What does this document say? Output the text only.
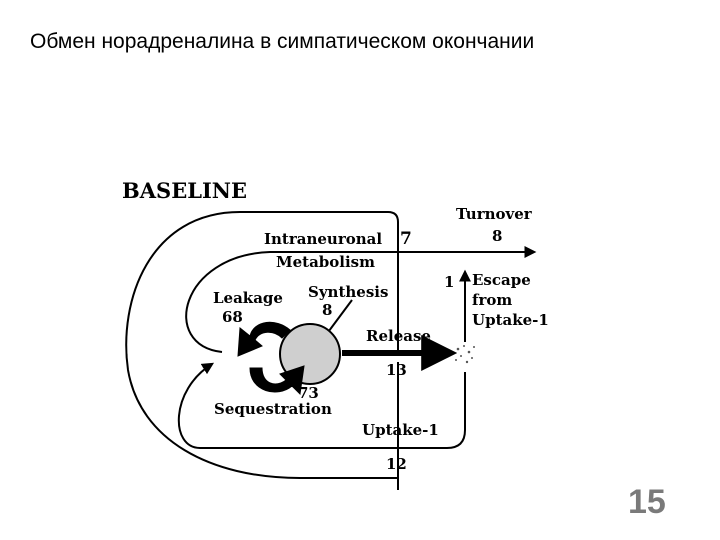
Обмен норадреналина в симпатическом окончании
BASELINE
Intraneuronal 7
Metabolism
Turnover
8
1 Escape
from
Uptake-1
Leakage
68
Synthesis
8
Release
13
73
Sequestration
Uptake-1
12
15
